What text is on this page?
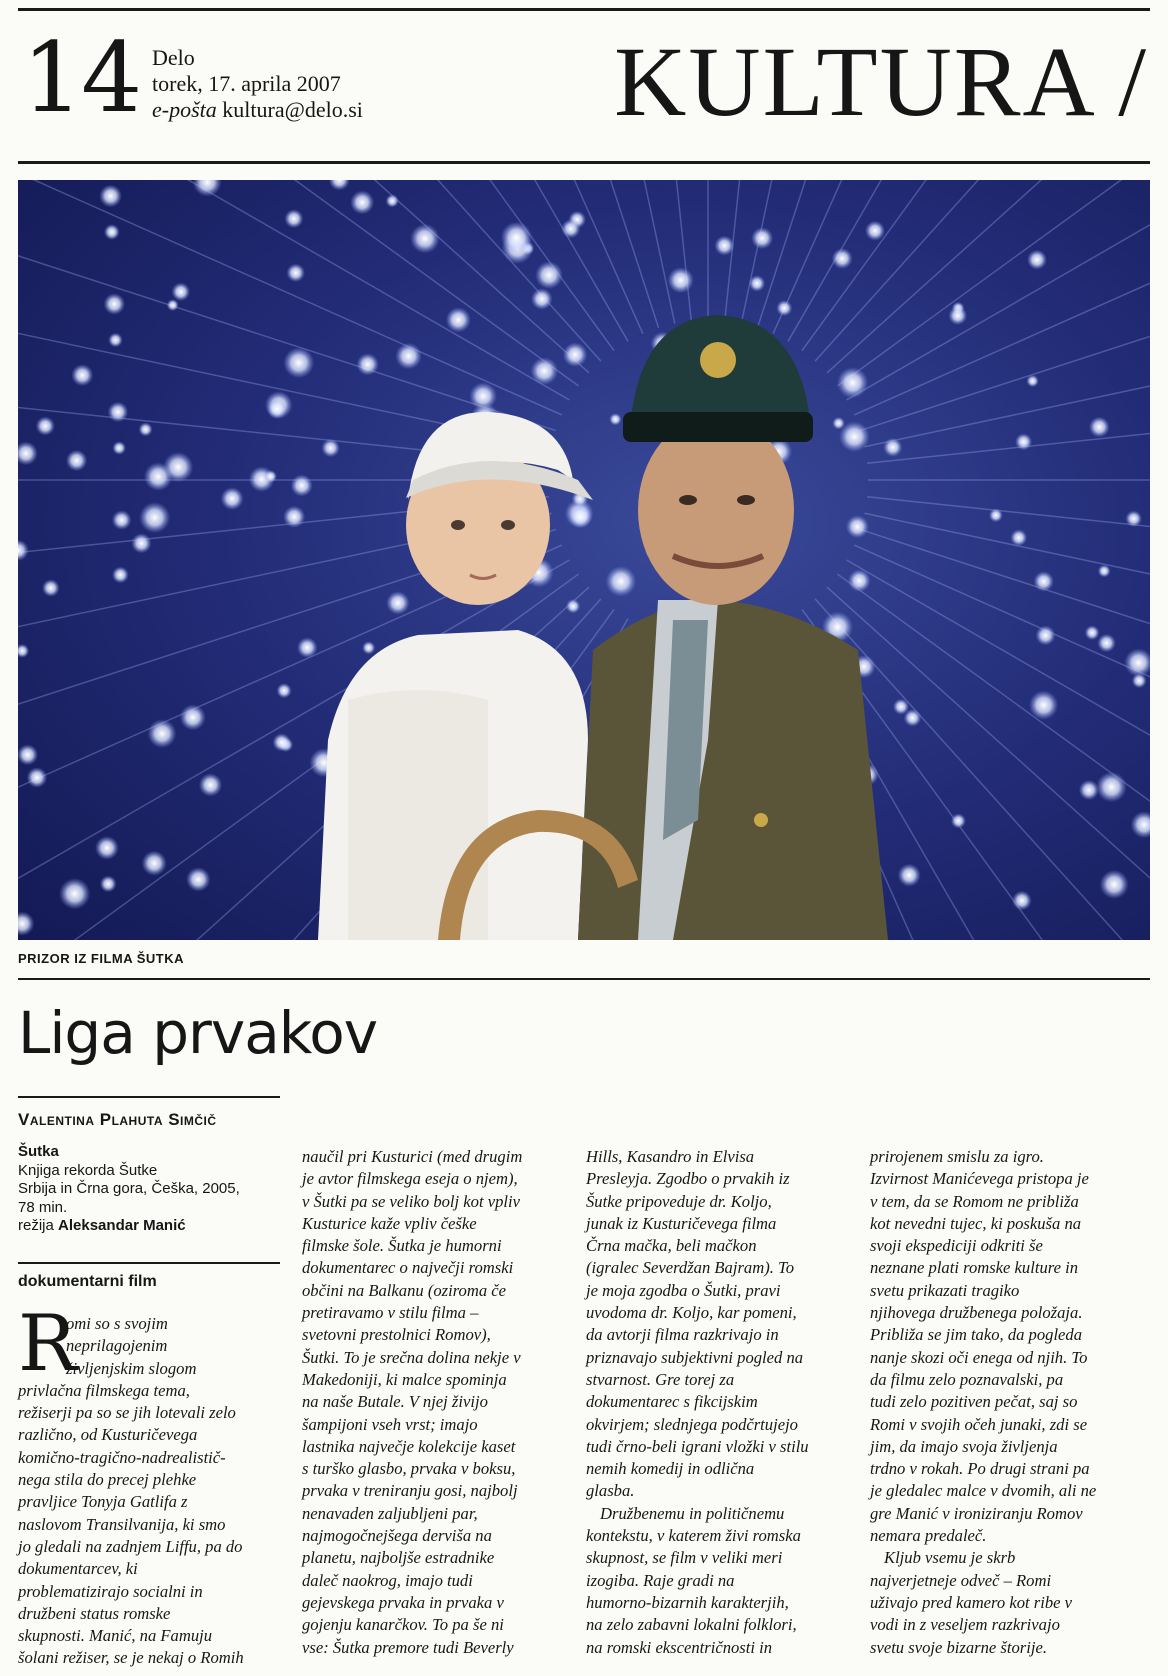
14 Delo
torek, 17. aprila 2007
e-pošta kultura@delo.si	KULTURA /
PRIZOR IZ FILMA ŠUTKA
Liga prvakov
Valentina Plahuta Simčič
Šutka
Knjiga rekorda Šutke
Srbija in Črna gora, Češka, 2005,
78 min.
režija Aleksandar Manić
dokumentarni film
R
omi so s svojim
neprilagojenim
življenjskim slogom
privlačna filmskega tema,
režiserji pa so se jih lotevali zelo
različno, od Kusturičevega
komično-tragično-nadrealistič-
nega stila do precej plehke
pravljice Tonyja Gatlifa z
naslovom Transilvanija, ki smo
jo gledali na zadnjem Liffu, pa do
dokumentarcev, ki
problematizirajo socialni in
družbeni status romske
skupnosti. Manić, na Famuju
šolani režiser, se je nekaj o Romih
naučil pri Kusturici (med drugim
je avtor filmskega eseja o njem),
v Šutki pa se veliko bolj kot vpliv
Kusturice kaže vpliv češke
filmske šole. Šutka je humorni
dokumentarec o največji romski
občini na Balkanu (oziroma če
pretiravamo v stilu filma –
svetovni prestolnici Romov),
Šutki. To je srečna dolina nekje v
Makedoniji, ki malce spominja
na naše Butale. V njej živijo
šampijoni vseh vrst; imajo
lastnika največje kolekcije kaset
s turško glasbo, prvaka v boksu,
prvaka v treniranju gosi, najbolj
nenavaden zaljubljeni par,
najmogočnejšega derviša na
planetu, najboljše estradnike
daleč naokrog, imajo tudi
gejevskega prvaka in prvaka v
gojenju kanarčkov. To pa še ni
vse: Šutka premore tudi Beverly
Hills, Kasandro in Elvisa
Presleyja. Zgodbo o prvakih iz
Šutke pripoveduje dr. Koljo,
junak iz Kusturičevega filma
Črna mačka, beli mačkon
(igralec Severdžan Bajram). To
je moja zgodba o Šutki, pravi
uvodoma dr. Koljo, kar pomeni,
da avtorji filma razkrivajo in
priznavajo subjektivni pogled na
stvarnost. Gre torej za
dokumentarec s fikcijskim
okvirjem; slednjega podčrtujejo
tudi črno-beli igrani vložki v stilu
nemih komedij in odlična
glasba.
Družbenemu in političnemu
kontekstu, v katerem živi romska
skupnost, se film v veliki meri
izogiba. Raje gradi na
humorno-bizarnih karakterjih,
na zelo zabavni lokalni folklori,
na romski ekscentričnosti in
prirojenem smislu za igro.
Izvirnost Manićevega pristopa je
v tem, da se Romom ne približa
kot nevedni tujec, ki poskuša na
svoji ekspediciji odkriti še
neznane plati romske kulture in
svetu prikazati tragiko
njihovega družbenega položaja.
Približa se jim tako, da pogleda
nanje skozi oči enega od njih. To
da filmu zelo poznavalski, pa
tudi zelo pozitiven pečat, saj so
Romi v svojih očeh junaki, zdi se
jim, da imajo svoja življenja
trdno v rokah. Po drugi strani pa
je gledalec malce v dvomih, ali ne
gre Manić v ironiziranju Romov
nemara predaleč.
Kljub vsemu je skrb
najverjetneje odveč – Romi
uživajo pred kamero kot ribe v
vodi in z veseljem razkrivajo
svetu svoje bizarne štorije.
